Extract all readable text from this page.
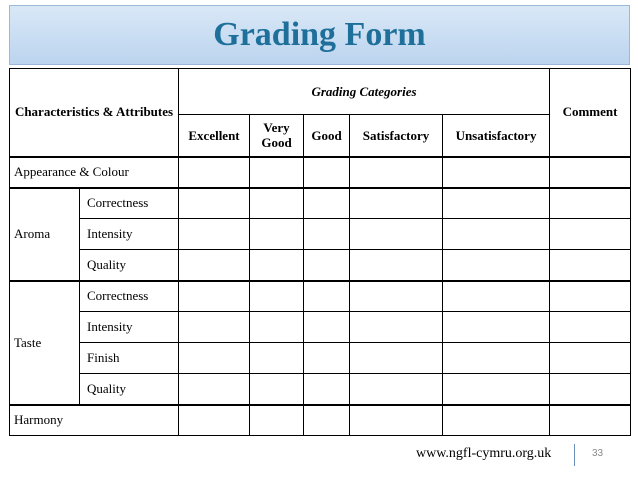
Grading Form
Characteristics & Attributes		Grading Categories					Comment
		Excellent	Very Good	Good	Satisfactory	Unsatisfactory	
Appearance & Colour							
Aroma	Correctness						
	Intensity						
	Quality						
Taste	Correctness						
	Intensity						
	Finish						
	Quality						
Harmony							
www.ngfl-cymru.org.uk	33
